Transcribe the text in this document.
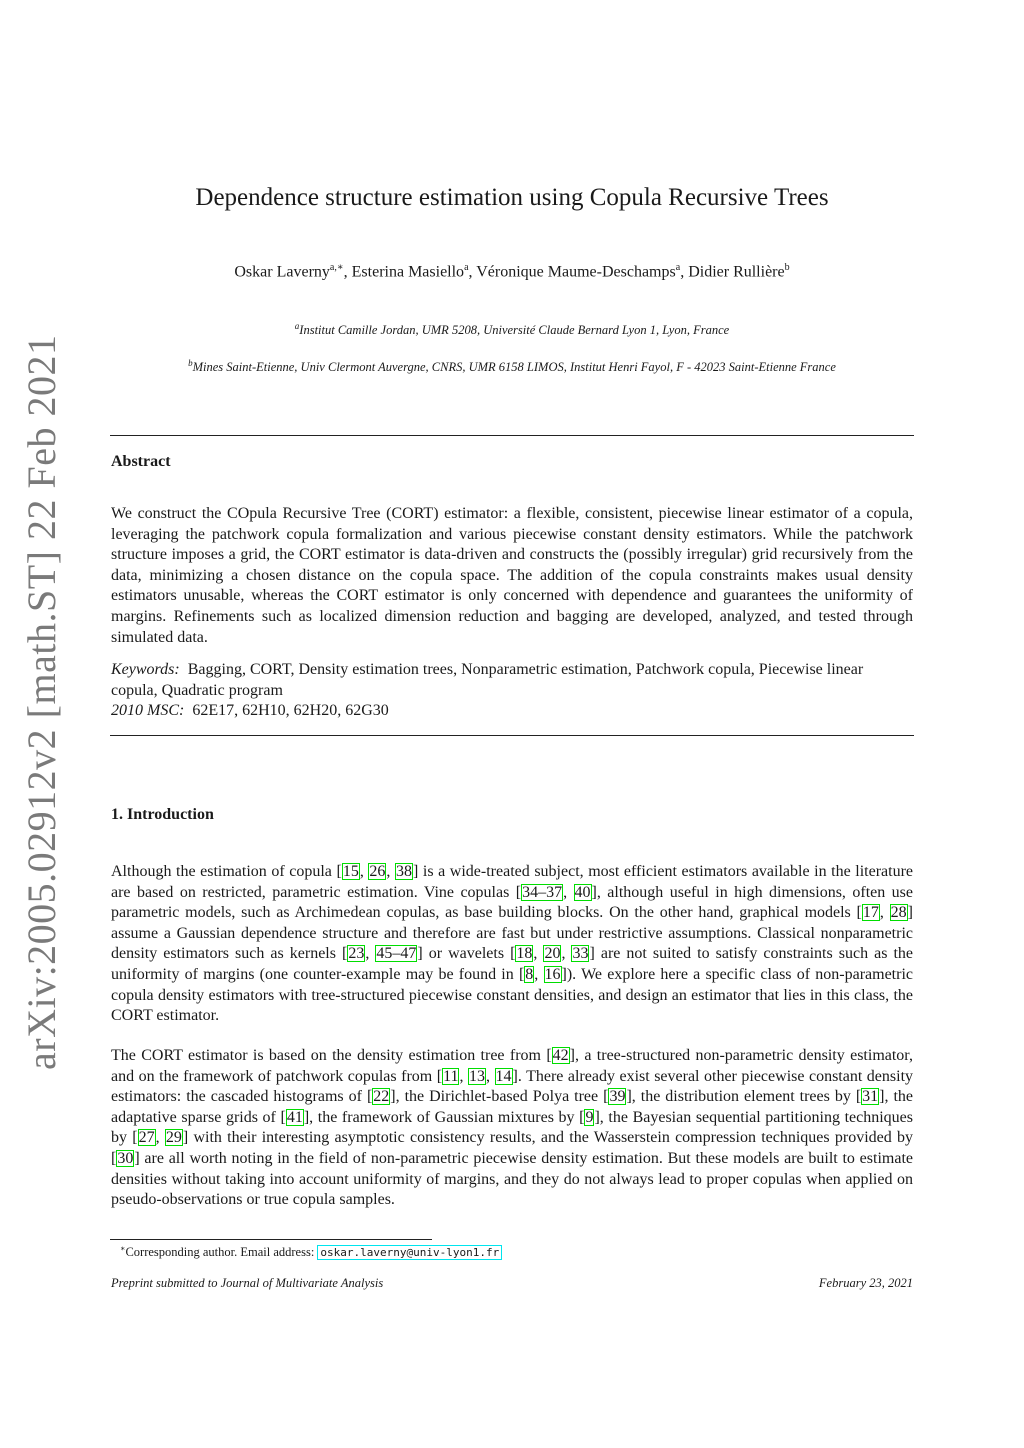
arXiv:2005.02912v2 [math.ST] 22 Feb 2021
Dependence structure estimation using Copula Recursive Trees
Oskar Laverny$^{a,∗}$, Esterina Masiello$^a$, Véronique Maume-Deschamps$^a$, Didier Rullière$^b$
$^a$Institut Camille Jordan, UMR 5208, Université Claude Bernard Lyon 1, Lyon, France
$^b$Mines Saint-Etienne, Univ Clermont Auvergne, CNRS, UMR 6158 LIMOS, Institut Henri Fayol, F - 42023 Saint-Etienne France
Abstract
We construct the COpula Recursive Tree (CORT) estimator: a flexible, consistent, piecewise linear estimator of a copula, leveraging the patchwork copula formalization and various piecewise constant density estimators. While the patchwork structure imposes a grid, the CORT estimator is data-driven and constructs the (possibly irregular) grid recursively from the data, minimizing a chosen distance on the copula space. The addition of the copula constraints makes usual density estimators unusable, whereas the CORT estimator is only concerned with dependence and guarantees the uniformity of margins. Refinements such as localized dimension reduction and bagging are developed, analyzed, and tested through simulated data.
Keywords: Bagging, CORT, Density estimation trees, Nonparametric estimation, Patchwork copula, Piecewise linear copula, Quadratic program
2010 MSC: 62E17, 62H10, 62H20, 62G30
1. Introduction
Although the estimation of copula [15, 26, 38] is a wide-treated subject, most efficient estimators available in the literature are based on restricted, parametric estimation. Vine copulas [34–37, 40], although useful in high dimensions, often use parametric models, such as Archimedean copulas, as base building blocks. On the other hand, graphical models [17, 28] assume a Gaussian dependence structure and therefore are fast but under restrictive assumptions. Classical nonparametric density estimators such as kernels [23, 45–47] or wavelets [18, 20, 33] are not suited to satisfy constraints such as the uniformity of margins (one counter-example may be found in [8, 16]). We explore here a specific class of non-parametric copula density estimators with tree-structured piecewise constant densities, and design an estimator that lies in this class, the CORT estimator.
The CORT estimator is based on the density estimation tree from [42], a tree-structured non-parametric density estimator, and on the framework of patchwork copulas from [11, 13, 14]. There already exist several other piecewise constant density estimators: the cascaded histograms of [22], the Dirichlet-based Polya tree [39], the distribution element trees by [31], the adaptative sparse grids of [41], the framework of Gaussian mixtures by [9], the Bayesian sequential partitioning techniques by [27, 29] with their interesting asymptotic consistency results, and the Wasserstein compression techniques provided by [30] are all worth noting in the field of non-parametric piecewise density estimation. But these models are built to estimate densities without taking into account uniformity of margins, and they do not always lead to proper copulas when applied on pseudo-observations or true copula samples.
∗Corresponding author. Email address: oskar.laverny@univ-lyon1.fr
Preprint submitted to Journal of Multivariate Analysis	February 23, 2021
